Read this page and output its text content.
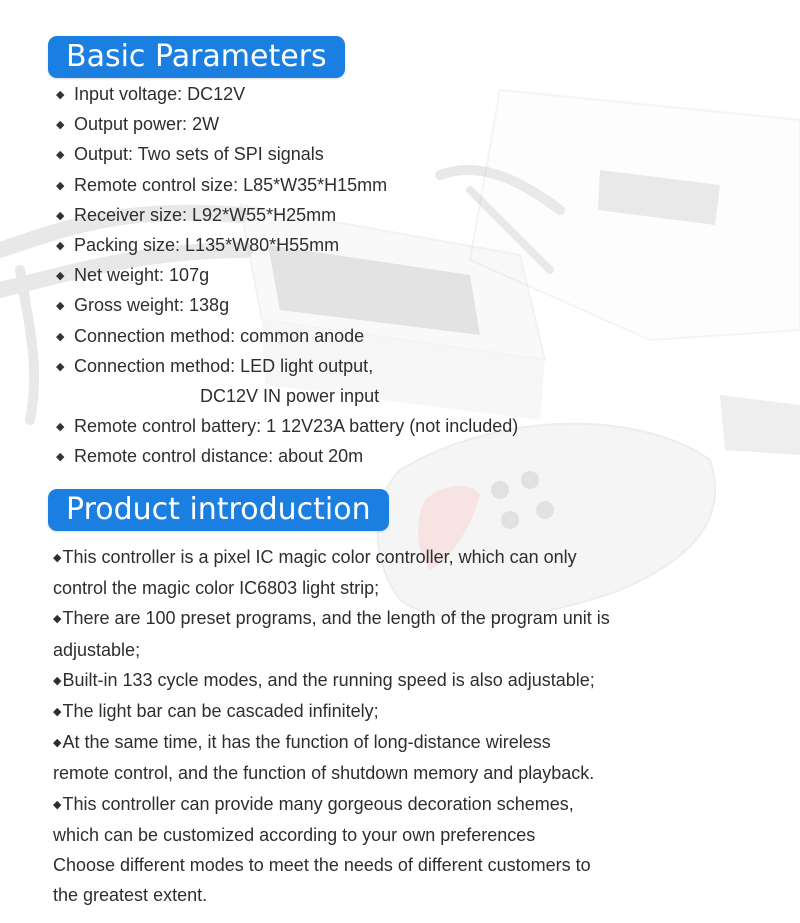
Basic Parameters
◆ Input voltage: DC12V
◆ Output power: 2W
◆ Output: Two sets of SPI signals
◆ Remote control size: L85*W35*H15mm
◆ Receiver size: L92*W55*H25mm
◆ Packing size: L135*W80*H55mm
◆ Net weight: 107g
◆ Gross weight: 138g
◆ Connection method: common anode
◆ Connection method: LED light output,
DC12V IN power input
◆ Remote control battery: 1 12V23A battery (not included)
◆ Remote control distance: about 20m
Product introduction

◆This controller is a pixel IC magic color controller, which can only

control the magic color IC6803 light strip;

◆There are 100 preset programs, and the length of the program unit is

adjustable;

◆Built-in 133 cycle modes, and the running speed is also adjustable;

◆The light bar can be cascaded infinitely;

◆At the same time, it has the function of long-distance wireless

remote control, and the function of shutdown memory and playback.

◆This controller can provide many gorgeous decoration schemes,

which can be customized according to your own preferences

Choose different modes to meet the needs of different customers to

the greatest extent.
